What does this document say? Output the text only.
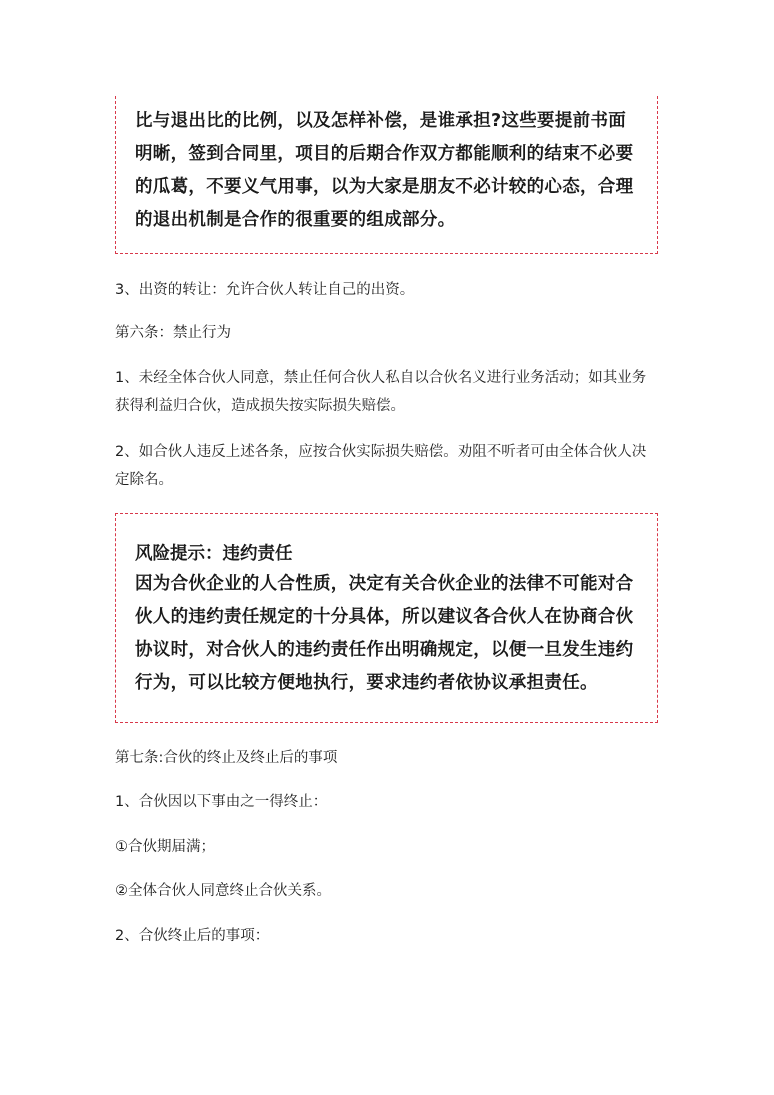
比与退出比的比例，以及怎样补偿，是谁承担?这些要提前书面明晰，签到合同里，项目的后期合作双方都能顺利的结束不必要的瓜葛，不要义气用事，以为大家是朋友不必计较的心态，合理的退出机制是合作的很重要的组成部分。

3、出资的转让：允许合伙人转让自己的出资。

第六条：禁止行为

1、未经全体合伙人同意，禁止任何合伙人私自以合伙名义进行业务活动；如其业务获得利益归合伙，造成损失按实际损失赔偿。

2、如合伙人违反上述各条，应按合伙实际损失赔偿。劝阻不听者可由全体合伙人决定除名。

风险提示：违约责任

因为合伙企业的人合性质，决定有关合伙企业的法律不可能对合伙人的违约责任规定的十分具体，所以建议各合伙人在协商合伙协议时，对合伙人的违约责任作出明确规定，以便一旦发生违约行为，可以比较方便地执行，要求违约者依协议承担责任。

第七条:合伙的终止及终止后的事项

1、合伙因以下事由之一得终止：

①合伙期届满；

②全体合伙人同意终止合伙关系。

2、合伙终止后的事项：
